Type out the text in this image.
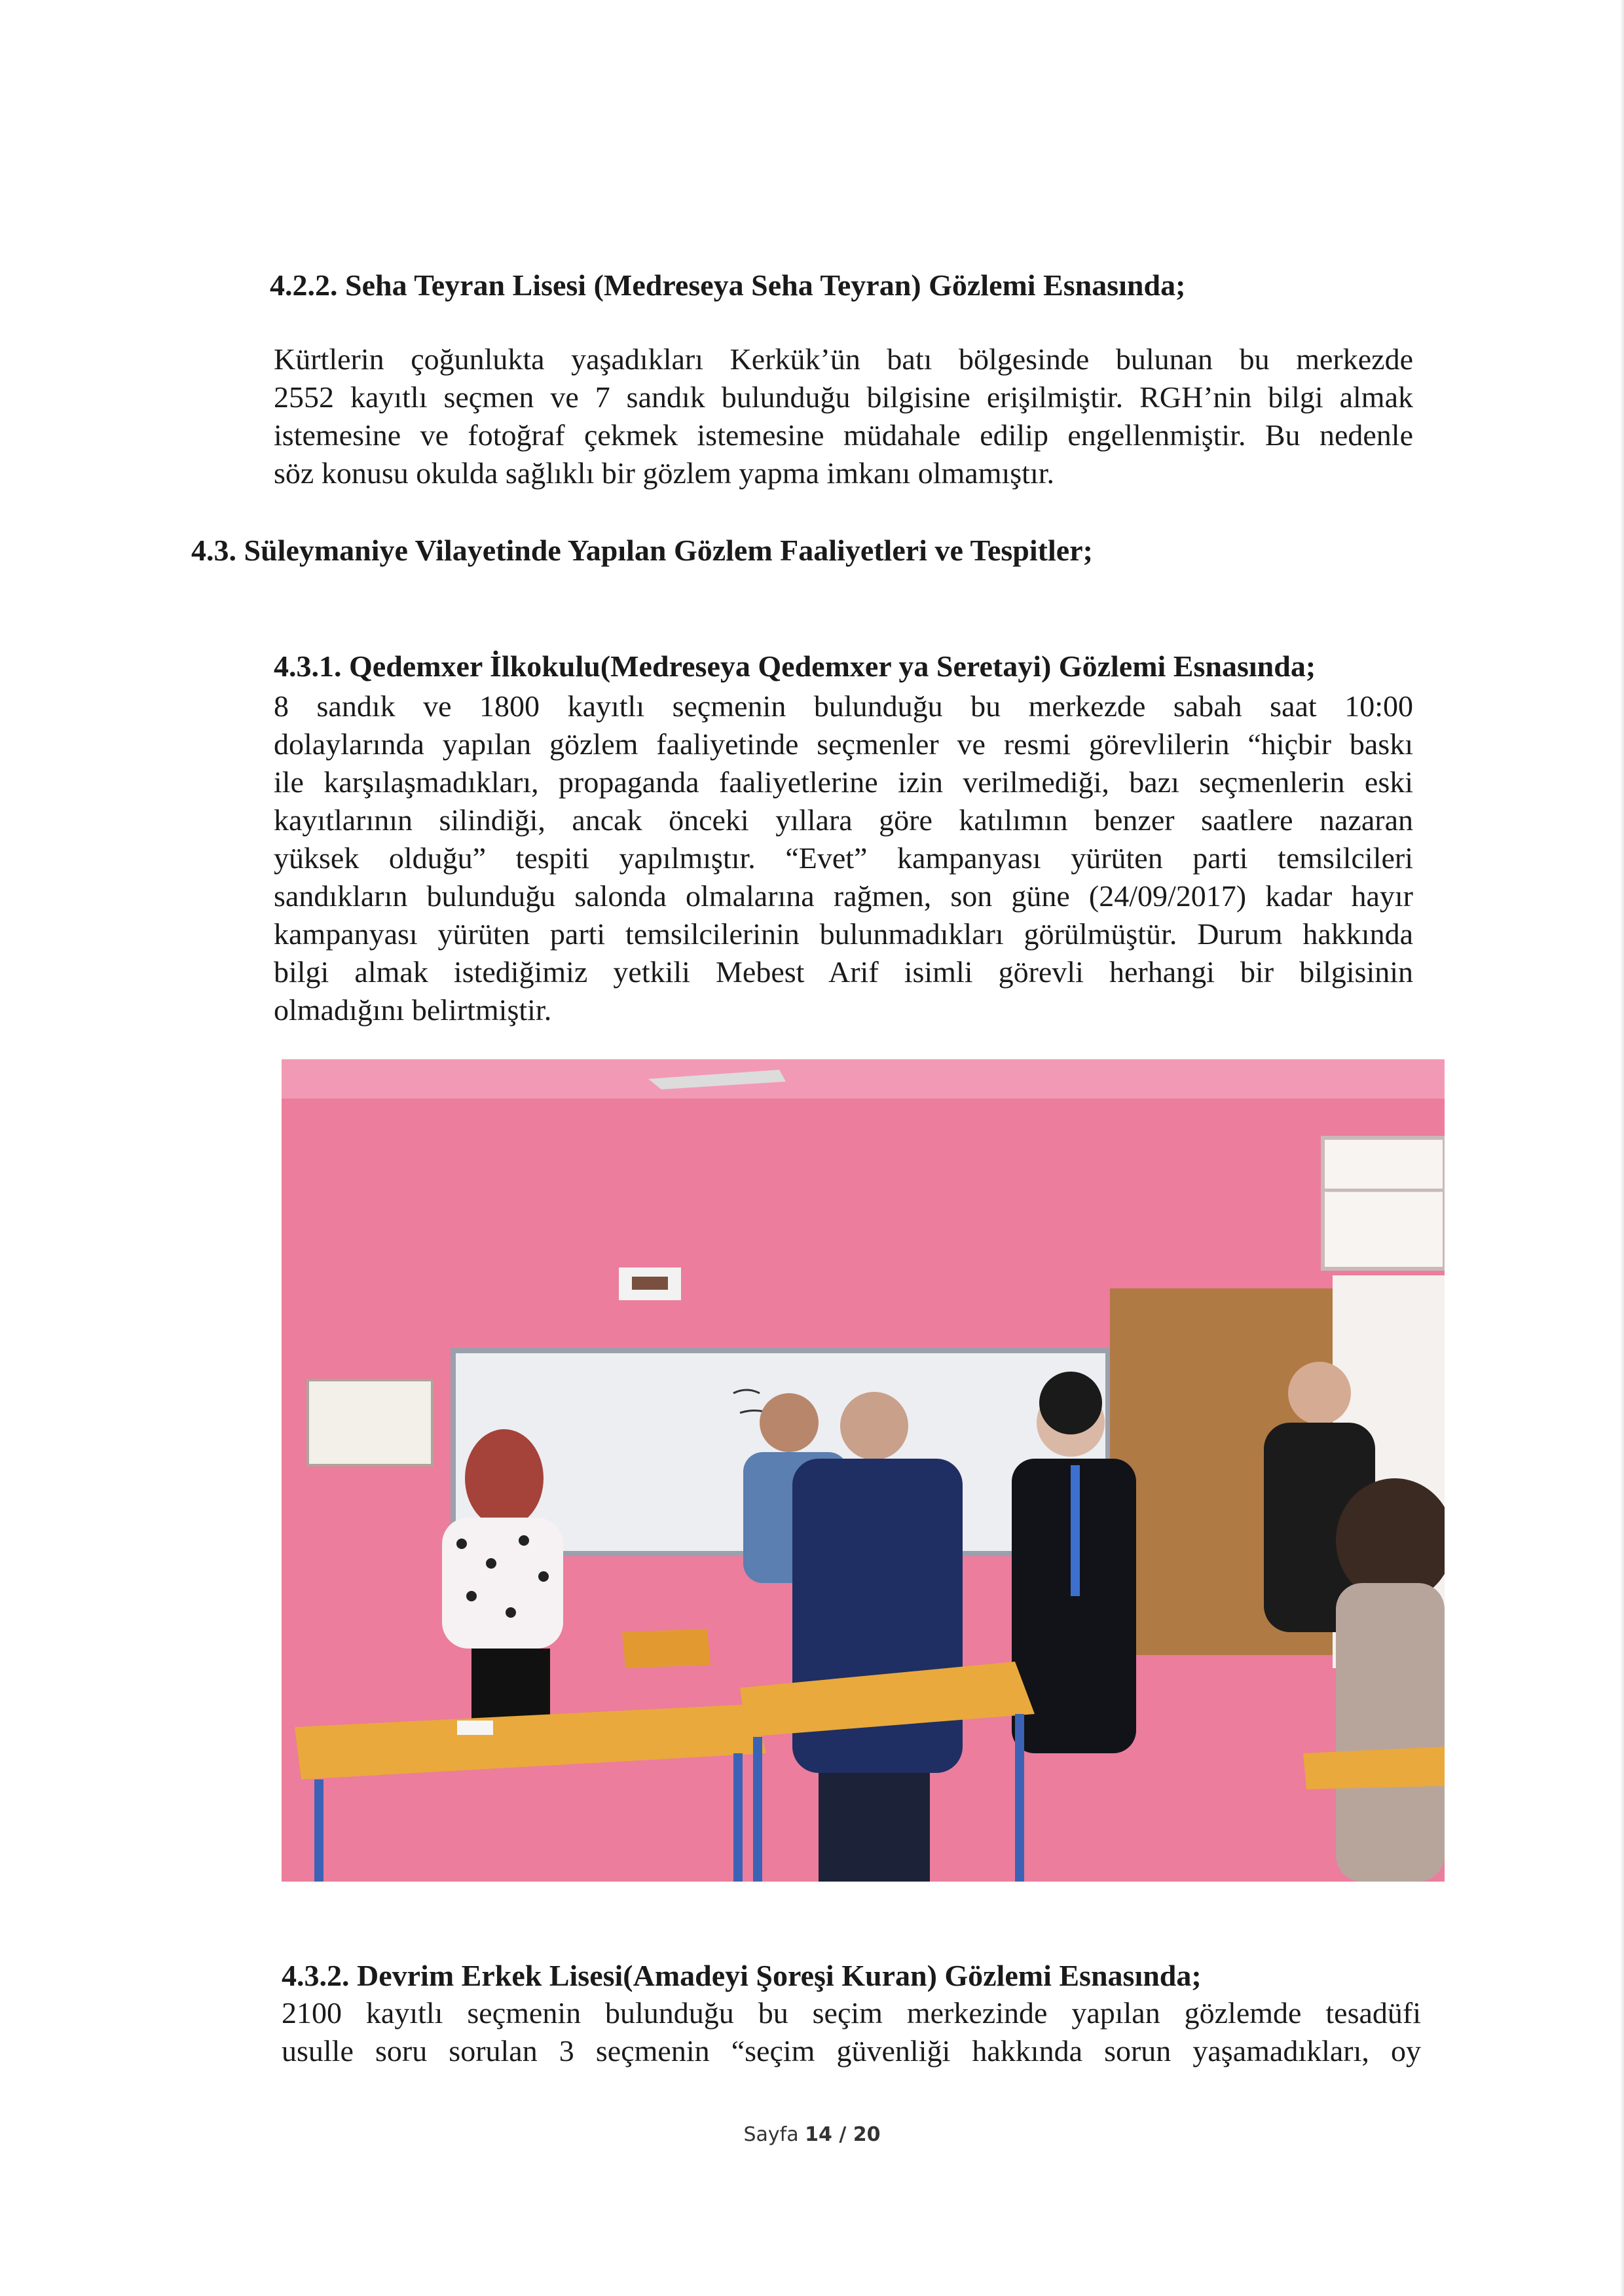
4.2.2. Seha Teyran Lisesi (Medreseya Seha Teyran) Gözlemi Esnasında;
Kürtlerin çoğunlukta yaşadıkları Kerkük’ün batı bölgesinde bulunan bu merkezde
2552 kayıtlı seçmen ve 7 sandık bulunduğu bilgisine erişilmiştir. RGH’nin bilgi almak
istemesine ve fotoğraf çekmek istemesine müdahale edilip engellenmiştir. Bu nedenle
söz konusu okulda sağlıklı bir gözlem yapma imkanı olmamıştır.
4.3. Süleymaniye Vilayetinde Yapılan Gözlem Faaliyetleri ve Tespitler;
4.3.1. Qedemxer İlkokulu(Medreseya Qedemxer ya Seretayi) Gözlemi Esnasında;
8 sandık ve 1800 kayıtlı seçmenin bulunduğu bu merkezde sabah saat 10:00
dolaylarında yapılan gözlem faaliyetinde seçmenler ve resmi görevlilerin “hiçbir baskı
ile karşılaşmadıkları, propaganda faaliyetlerine izin verilmediği, bazı seçmenlerin eski
kayıtlarının silindiği, ancak önceki yıllara göre katılımın benzer saatlere nazaran
yüksek olduğu” tespiti yapılmıştır. “Evet” kampanyası yürüten parti temsilcileri
sandıkların bulunduğu salonda olmalarına rağmen, son güne (24/09/2017) kadar hayır
kampanyası yürüten parti temsilcilerinin bulunmadıkları görülmüştür. Durum hakkında
bilgi almak istediğimiz yetkili Mebest Arif isimli görevli herhangi bir bilgisinin
olmadığını belirtmiştir.
4.3.2. Devrim Erkek Lisesi(Amadeyi Şoreşi Kuran) Gözlemi Esnasında;
2100 kayıtlı seçmenin bulunduğu bu seçim merkezinde yapılan gözlemde tesadüfi
usulle soru sorulan 3 seçmenin “seçim güvenliği hakkında sorun yaşamadıkları, oy
Sayfa 14 / 20
